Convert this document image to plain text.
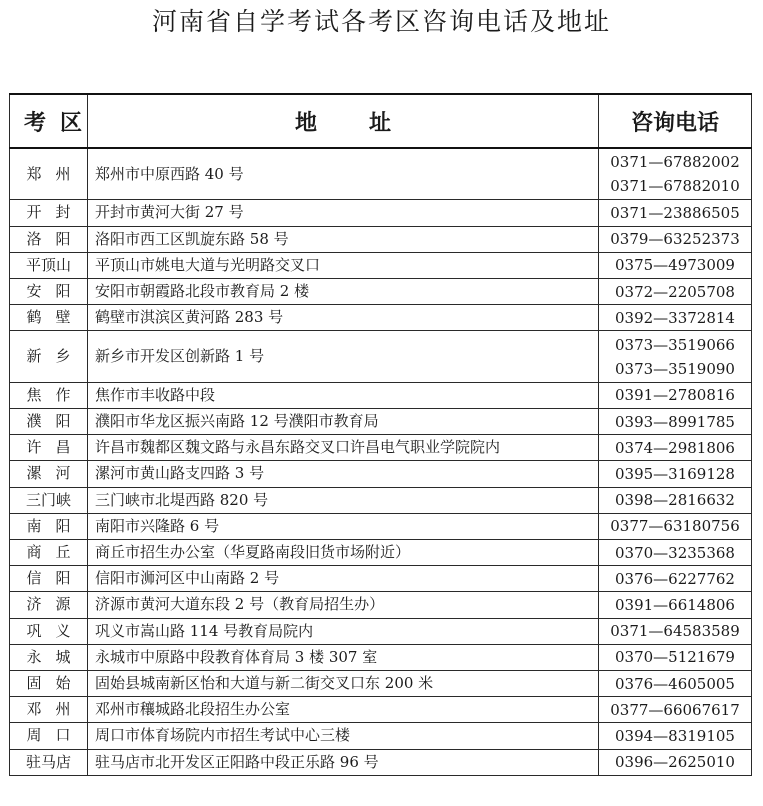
河南省自学考试各考区咨询电话及地址
考区	地址	咨询电话
郑州	郑州市中原西路 40 号	0371—67882002
0371—67882010

开封	开封市黄河大街 27 号	0371—23886505

洛阳	洛阳市西工区凯旋东路 58 号	0379—63252373

平顶山	平顶山市姚电大道与光明路交叉口	0375—4973009

安阳	安阳市朝霞路北段市教育局 2 楼	0372—2205708

鹤壁	鹤壁市淇滨区黄河路 283 号	0392—3372814

新乡	新乡市开发区创新路 1 号	0373—3519066
0373—3519090

焦作	焦作市丰收路中段	0391—2780816

濮阳	濮阳市华龙区振兴南路 12 号濮阳市教育局	0393—8991785

许昌	许昌市魏都区魏文路与永昌东路交叉口许昌电气职业学院院内	0374—2981806

漯河	漯河市黄山路支四路 3 号	0395—3169128

三门峡	三门峡市北堤西路 820 号	0398—2816632

南阳	南阳市兴隆路 6 号	0377—63180756

商丘	商丘市招生办公室（华夏路南段旧货市场附近）	0370—3235368

信阳	信阳市浉河区中山南路 2 号	0376—6227762

济源	济源市黄河大道东段 2 号（教育局招生办）	0391—6614806

巩义	巩义市嵩山路 114 号教育局院内	0371—64583589

永城	永城市中原路中段教育体育局 3 楼 307 室	0370—5121679

固始	固始县城南新区怡和大道与新二街交叉口东 200 米	0376—4605005

邓州	邓州市穰城路北段招生办公室	0377—66067617

周口	周口市体育场院内市招生考试中心三楼	0394—8319105

驻马店	驻马店市北开发区正阳路中段正乐路 96 号	0396—2625010
